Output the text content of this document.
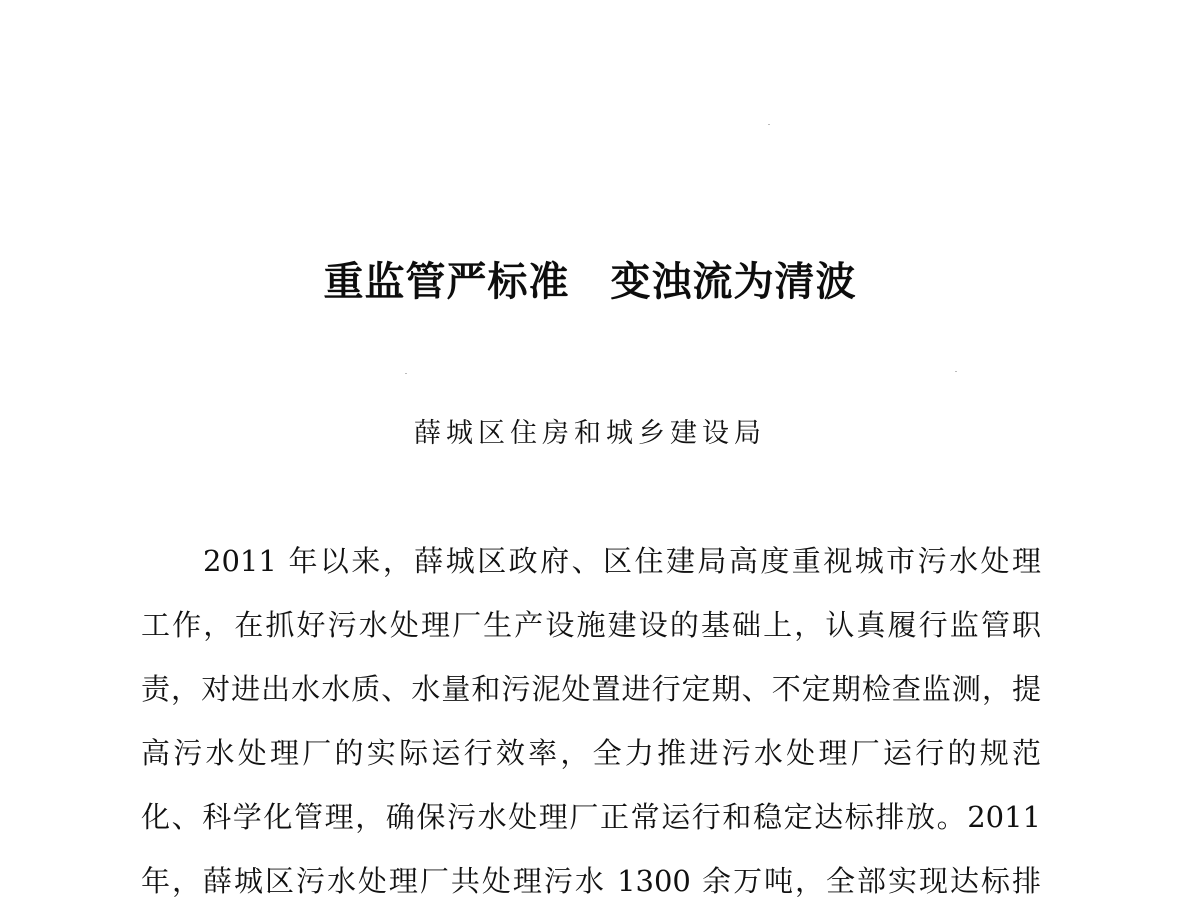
重监管严标准　变浊流为清波
薛城区住房和城乡建设局
2011 年以来，薛城区政府、区住建局高度重视城市污水处理
工作，在抓好污水处理厂生产设施建设的基础上，认真履行监管职
责，对进出水水质、水量和污泥处置进行定期、不定期检查监测，提
高污水处理厂的实际运行效率，全力推进污水处理厂运行的规范
化、科学化管理，确保污水处理厂正常运行和稳定达标排放。2011
年，薛城区污水处理厂共处理污水 1300 余万吨，全部实现达标排
